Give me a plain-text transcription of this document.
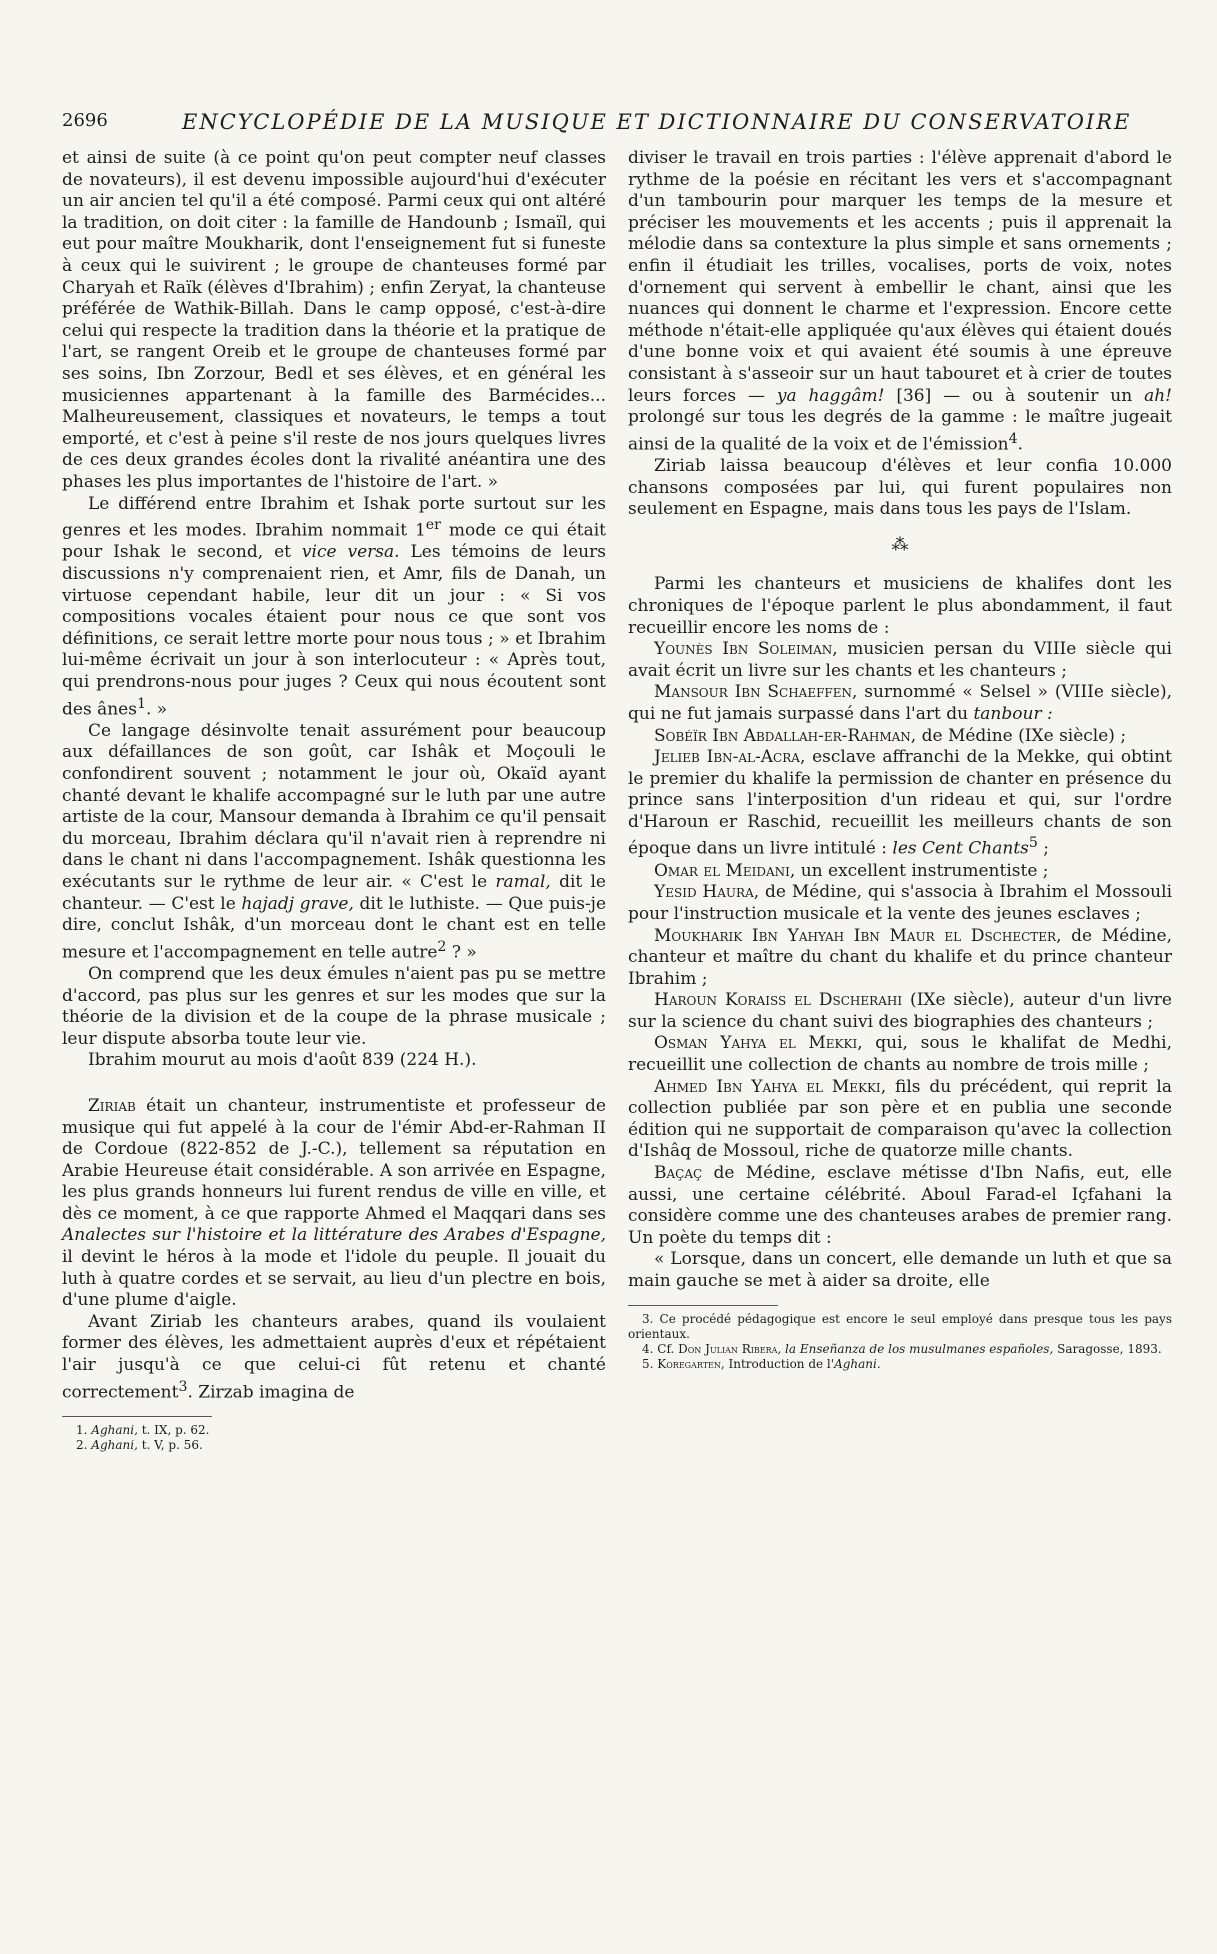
2696	ENCYCLOPÉDIE DE LA MUSIQUE ET DICTIONNAIRE DU CONSERVATOIRE

et ainsi de suite (à ce point qu'on peut compter neuf classes de novateurs), il est devenu impossible aujourd'hui d'exécuter un air ancien tel qu'il a été composé. Parmi ceux qui ont altéré la tradition, on doit citer : la famille de Handounb ; Ismaïl, qui eut pour maître Moukharik, dont l'enseignement fut si funeste à ceux qui le suivirent ; le groupe de chanteuses formé par Charyah et Raïk (élèves d'Ibrahim) ; enfin Zeryat, la chanteuse préférée de Wathik-Billah. Dans le camp opposé, c'est-à-dire celui qui respecte la tradition dans la théorie et la pratique de l'art, se rangent Oreib et le groupe de chanteuses formé par ses soins, Ibn Zorzour, Bedl et ses élèves, et en général les musiciennes appartenant à la famille des Barmécides... Malheureusement, classiques et novateurs, le temps a tout emporté, et c'est à peine s'il reste de nos jours quelques livres de ces deux grandes écoles dont la rivalité anéantira une des phases les plus importantes de l'histoire de l'art. »

Le différend entre Ibrahim et Ishak porte surtout sur les genres et les modes. Ibrahim nommait 1er mode ce qui était pour Ishak le second, et vice versa. Les témoins de leurs discussions n'y comprenaient rien, et Amr, fils de Danah, un virtuose cependant habile, leur dit un jour : « Si vos compositions vocales étaient pour nous ce que sont vos définitions, ce serait lettre morte pour nous tous ; » et Ibrahim lui-même écrivait un jour à son interlocuteur : « Après tout, qui prendrons-nous pour juges ? Ceux qui nous écoutent sont des ânes$^1$. »

Ce langage désinvolte tenait assurément pour beaucoup aux défaillances de son goût, car Ishâk et Moçouli le confondirent souvent ; notamment le jour où, Okaïd ayant chanté devant le khalife accompagné sur le luth par une autre artiste de la cour, Mansour demanda à Ibrahim ce qu'il pensait du morceau, Ibrahim déclara qu'il n'avait rien à reprendre ni dans le chant ni dans l'accompagnement. Ishâk questionna les exécutants sur le rythme de leur air. « C'est le ramal, dit le chanteur. — C'est le hajadj grave, dit le luthiste. — Que puis-je dire, conclut Ishâk, d'un morceau dont le chant est en telle mesure et l'accompagnement en telle autre$^2$ ? »

On comprend que les deux émules n'aient pas pu se mettre d'accord, pas plus sur les genres et sur les modes que sur la théorie de la division et de la coupe de la phrase musicale ; leur dispute absorba toute leur vie.

Ibrahim mourut au mois d'août 839 (224 H.).

Ziriab était un chanteur, instrumentiste et professeur de musique qui fut appelé à la cour de l'émir Abd-er-Rahman II de Cordoue (822-852 de J.-C.), tellement sa réputation en Arabie Heureuse était considérable. A son arrivée en Espagne, les plus grands honneurs lui furent rendus de ville en ville, et dès ce moment, à ce que rapporte Ahmed el Maqqari dans ses Analectes sur l'histoire et la littérature des Arabes d'Espagne, il devint le héros à la mode et l'idole du peuple. Il jouait du luth à quatre cordes et se servait, au lieu d'un plectre en bois, d'une plume d'aigle.

Avant Ziriab les chanteurs arabes, quand ils voulaient former des élèves, les admettaient auprès d'eux et répétaient l'air jusqu'à ce que celui-ci fût retenu et chanté correctement$^3$. Zirzab imagina de

1. Aghani, t. IX, p. 62.

2. Aghani, t. V, p. 56.

diviser le travail en trois parties : l'élève apprenait d'abord le rythme de la poésie en récitant les vers et s'accompagnant d'un tambourin pour marquer les temps de la mesure et préciser les mouvements et les accents ; puis il apprenait la mélodie dans sa contexture la plus simple et sans ornements ; enfin il étudiait les trilles, vocalises, ports de voix, notes d'ornement qui servent à embellir le chant, ainsi que les nuances qui donnent le charme et l'expression. Encore cette méthode n'était-elle appliquée qu'aux élèves qui étaient doués d'une bonne voix et qui avaient été soumis à une épreuve consistant à s'asseoir sur un haut tabouret et à crier de toutes leurs forces — ya haggâm! [36] — ou à soutenir un ah! prolongé sur tous les degrés de la gamme : le maître jugeait ainsi de la qualité de la voix et de l'émission$^4$.

Ziriab laissa beaucoup d'élèves et leur confia 10.000 chansons composées par lui, qui furent populaires non seulement en Espagne, mais dans tous les pays de l'Islam.

⁂

Parmi les chanteurs et musiciens de khalifes dont les chroniques de l'époque parlent le plus abondamment, il faut recueillir encore les noms de :

Younès Ibn Soleiman, musicien persan du VIIIe siècle qui avait écrit un livre sur les chants et les chanteurs ;

Mansour Ibn Schaeffen, surnommé « Selsel » (VIIIe siècle), qui ne fut jamais surpassé dans l'art du tanbour :

Sobéïr Ibn Abdallah-er-Rahman, de Médine (IXe siècle) ;

Jelieb Ibn-al-Acra, esclave affranchi de la Mekke, qui obtint le premier du khalife la permission de chanter en présence du prince sans l'interposition d'un rideau et qui, sur l'ordre d'Haroun er Raschid, recueillit les meilleurs chants de son époque dans un livre intitulé : les Cent Chants$^5$ ;

Omar el Meidani, un excellent instrumentiste ;

Yesid Haura, de Médine, qui s'associa à Ibrahim el Mossouli pour l'instruction musicale et la vente des jeunes esclaves ;

Moukharik Ibn Yahyah Ibn Maur el Dschecter, de Médine, chanteur et maître du chant du khalife et du prince chanteur Ibrahim ;

Haroun Koraiss el Dscherahi (IXe siècle), auteur d'un livre sur la science du chant suivi des biographies des chanteurs ;

Osman Yahya el Mekki, qui, sous le khalifat de Medhi, recueillit une collection de chants au nombre de trois mille ;

Ahmed Ibn Yahya el Mekki, fils du précédent, qui reprit la collection publiée par son père et en publia une seconde édition qui ne supportait de comparaison qu'avec la collection d'Ishâq de Mossoul, riche de quatorze mille chants.

Baçaç de Médine, esclave métisse d'Ibn Nafis, eut, elle aussi, une certaine célébrité. Aboul Farad-el Içfahani la considère comme une des chanteuses arabes de premier rang. Un poète du temps dit :

« Lorsque, dans un concert, elle demande un luth et que sa main gauche se met à aider sa droite, elle

3. Ce procédé pédagogique est encore le seul employé dans presque tous les pays orientaux.

4. Cf. Don Julian Ribera, la Enseñanza de los musulmanes españoles, Saragosse, 1893.

5. Koregarten, Introduction de l'Aghani.
